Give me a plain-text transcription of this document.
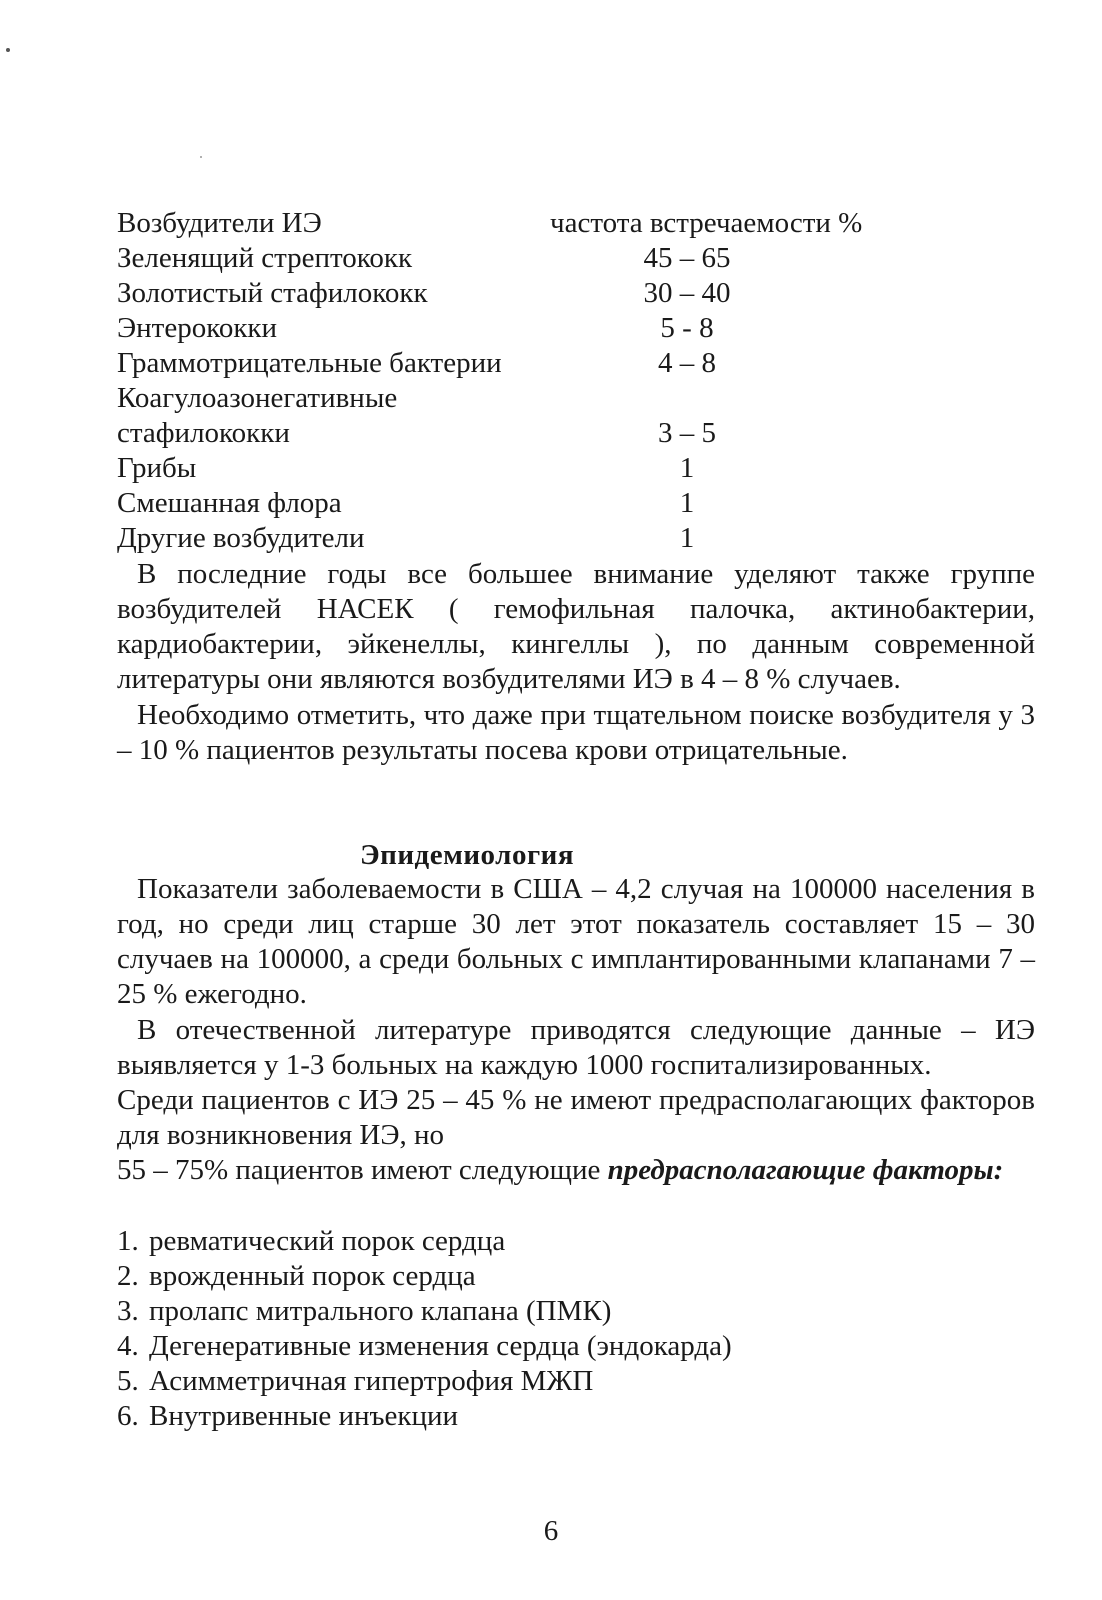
Возбудители ИЭ	частота встречаемости %
Зеленящий стрептококк	45 – 65
Золотистый стафилококк	30 – 40
Энтерококки	5 - 8
Граммотрицательные бактерии	4 – 8
Коагулоазонегативные
стафилококки	3 – 5
Грибы	1
Смешанная флора	1
Другие возбудители	1

В последние годы все большее внимание уделяют также группе возбудителей НАСЕК ( гемофильная палочка, актинобактерии, кардиобактерии, эйкенеллы, кингеллы ), по данным современной литературы они являются возбудителями ИЭ в 4 – 8 % случаев.

Необходимо отметить, что даже при тщательном поиске возбудителя у 3 – 10 % пациентов результаты посева крови отрицательные.

Эпидемиология

Показатели заболеваемости в США – 4,2 случая на 100000 населения в год, но среди лиц старше 30 лет этот показатель составляет 15 – 30 случаев на 100000, а среди больных с имплантированными клапанами 7 – 25 % ежегодно.

В отечественной литературе приводятся следующие данные – ИЭ выявляется у 1-3 больных на каждую 1000 госпитализированных.

Среди пациентов с ИЭ 25 – 45 % не имеют предрасполагающих факторов для возникновения ИЭ, но

55 – 75% пациентов имеют следующие предрасполагающие факторы:

1. ревматический порок сердца
2. врожденный порок сердца
3. пролапс митрального клапана (ПМК)
4. Дегенеративные изменения сердца (эндокарда)
5. Асимметричная гипертрофия МЖП
6. Внутривенные инъекции
6
